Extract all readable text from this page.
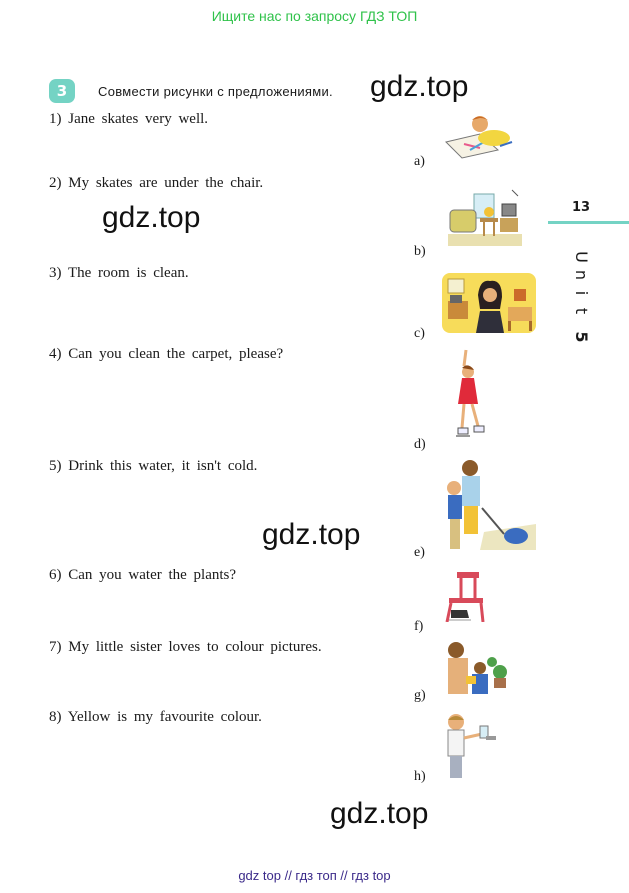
Ищите нас по запросу ГДЗ ТОП
3	Совмести рисунки с предложениями. gdz.top
gdz.top
gdz.top
gdz.top
1) Jane skates very well.
2) My skates are under the chair.
3) The room is clean.
4) Can you clean the carpet, please?
5) Drink this water, it isn't cold.
6) Can you water the plants?
7) My little sister loves to colour pictures.
8) Yellow is my favourite colour.
a)
b)
c)
d)
e)
f)
g)
h)
13
U
n
i
t
5
gdz top // гдз топ // гдз top
